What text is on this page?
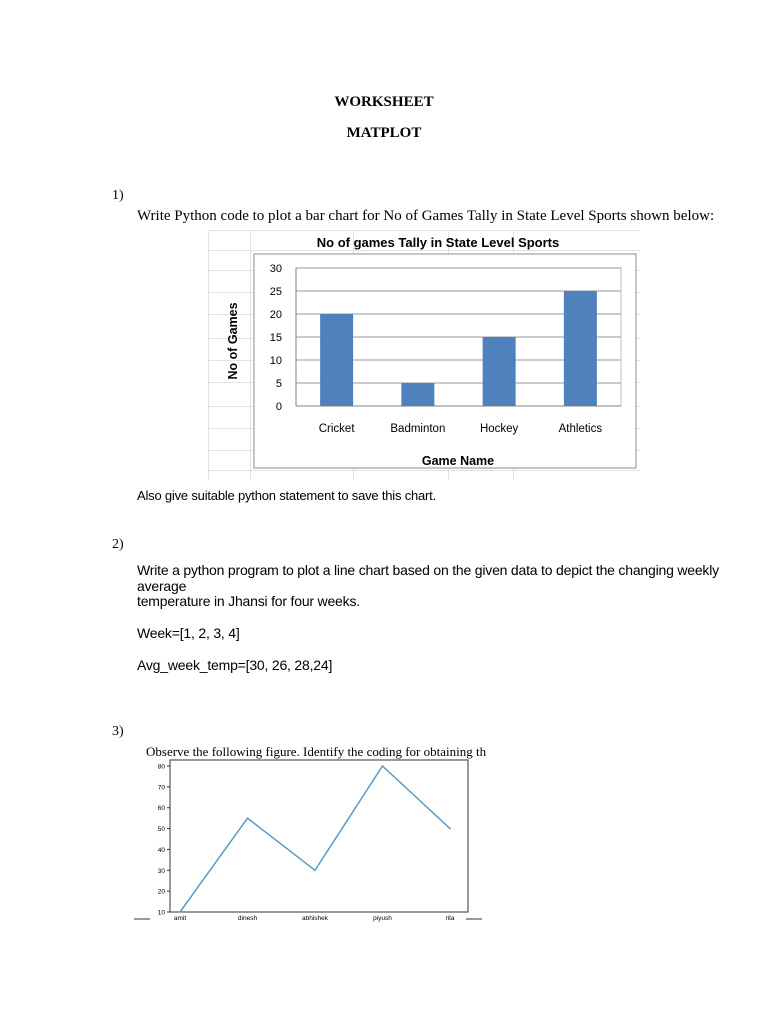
WORKSHEET
MATPLOT
1)
Write Python code to plot a bar chart for No of Games Tally in State Level Sports shown below:
No of games Tally in State Level Sports
0
5
10
15
20
25
30
Cricket	Badminton	Hockey	Athletics
Game Name
No of Games
Also give suitable python statement to save this chart.
2)
Write a python program to plot a line chart based on the given data to depict the changing weekly average
temperature in Jhansi for four weeks.
Week=[1, 2, 3, 4]
Avg_week_temp=[30, 26, 28,24]
3)
Observe the following figure. Identify the coding for obtaining th
10
20
30
40
50
60
70
80
amit	dinesh	abhishek	piyush	rita
